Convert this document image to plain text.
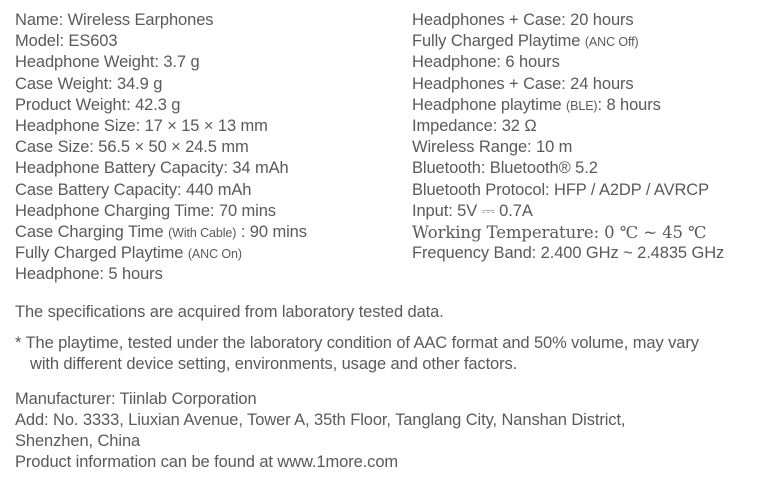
Name: Wireless Earphones
Model: ES603
Headphone Weight: 3.7 g
Case Weight: 34.9 g
Product Weight: 42.3 g
Headphone Size: 17 × 15 × 13 mm
Case Size: 56.5 × 50 × 24.5 mm
Headphone Battery Capacity: 34 mAh
Case Battery Capacity: 440 mAh
Headphone Charging Time: 70 mins
Case Charging Time (With Cable) : 90 mins
Fully Charged Playtime (ANC On)
Headphone: 5 hours
Headphones + Case: 20 hours
Fully Charged Playtime (ANC Off)
Headphone: 6 hours
Headphones + Case: 24 hours
Headphone playtime (BLE): 8 hours
Impedance: 32 Ω
Wireless Range: 10 m
Bluetooth: Bluetooth® 5.2
Bluetooth Protocol: HFP / A2DP / AVRCP
Input: 5V ⎓ 0.7A
Working Temperature: 0 ℃ ~ 45 ℃
Frequency Band: 2.400 GHz ~ 2.4835 GHz
The specifications are acquired from laboratory tested data.
* The playtime, tested under the laboratory condition of AAC format and 50% volume, may vary
with different device setting, environments, usage and other factors.
Manufacturer: Tiinlab Corporation
Add: No. 3333, Liuxian Avenue, Tower A, 35th Floor, Tanglang City, Nanshan District,
Shenzhen, China
Product information can be found at www.1more.com
